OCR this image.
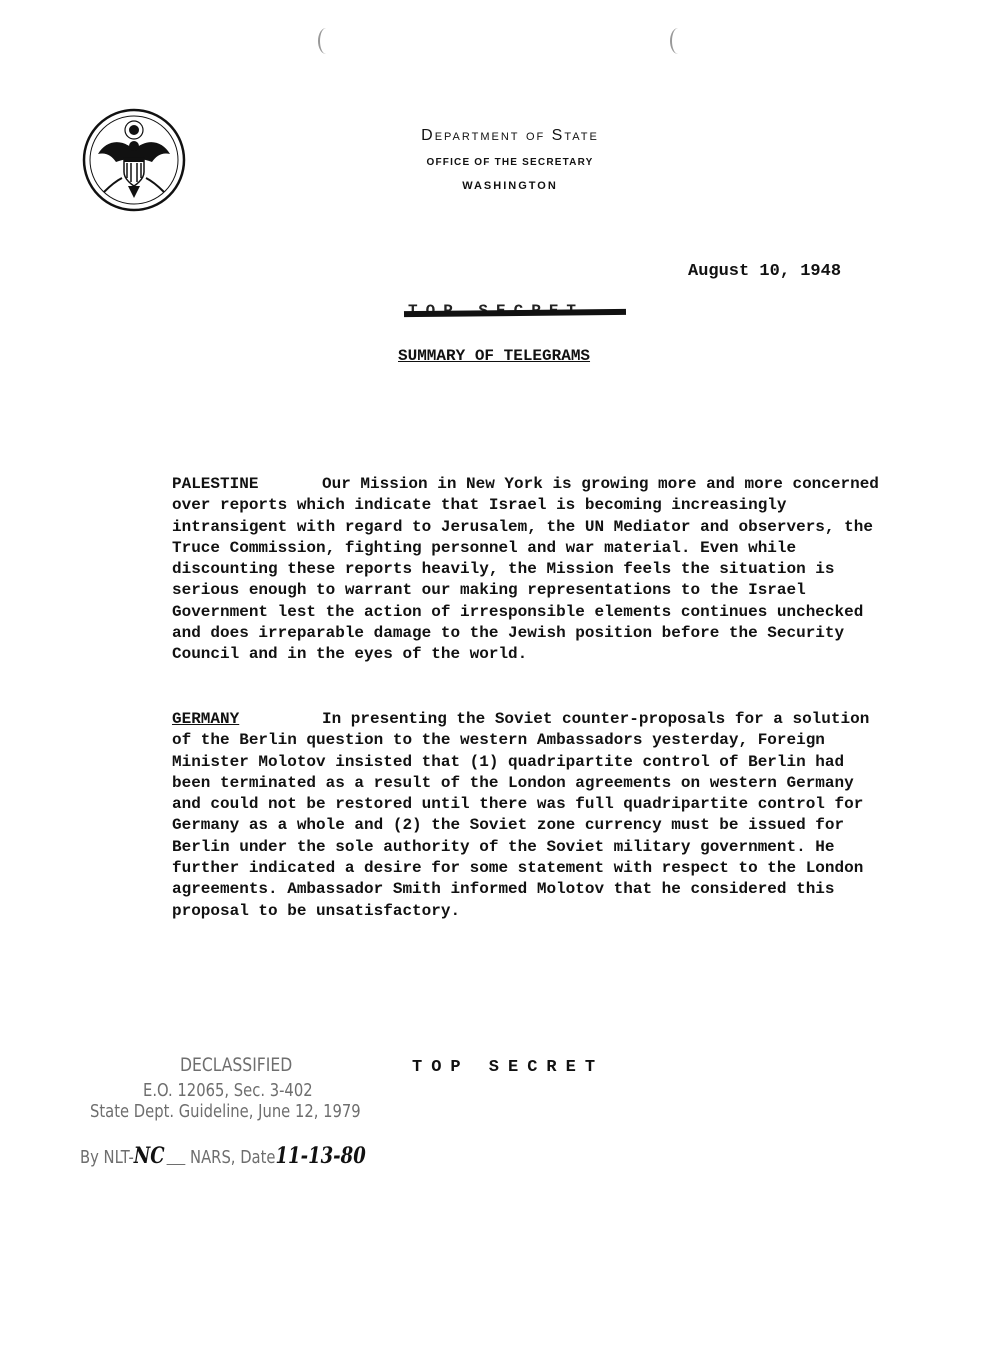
Department of State
OFFICE OF THE SECRETARY
WASHINGTON
August 10, 1948
SUMMARY OF TELEGRAMS
PALESTINE	Our Mission in New York is growing more and more concerned over reports which indicate that Israel is becoming increasingly intransigent with regard to Jerusalem, the UN Mediator and observers, the Truce Commission, fighting personnel and war material. Even while discounting these reports heavily, the Mission feels the situation is serious enough to warrant our making representations to the Israel Government lest the action of irresponsible elements continues unchecked and does irreparable damage to the Jewish position before the Security Council and in the eyes of the world.

GERMANY	In presenting the Soviet counter-proposals for a solution of the Berlin question to the western Ambassadors yesterday, Foreign Minister Molotov insisted that (1) quadripartite control of Berlin had been terminated as a result of the London agreements on western Germany and could not be restored until there was full quadripartite control for Germany as a whole and (2) the Soviet zone currency must be issued for Berlin under the sole authority of the Soviet military government. He further indicated a desire for some statement with respect to the London agreements. Ambassador Smith informed Molotov that he considered this proposal to be unsatisfactory.

TOP SECRET
DECLASSIFIED
E.O. 12065, Sec. 3-402
State Dept. Guideline, June 12, 1979
By NLT-NC NARS, Date11-13-80
